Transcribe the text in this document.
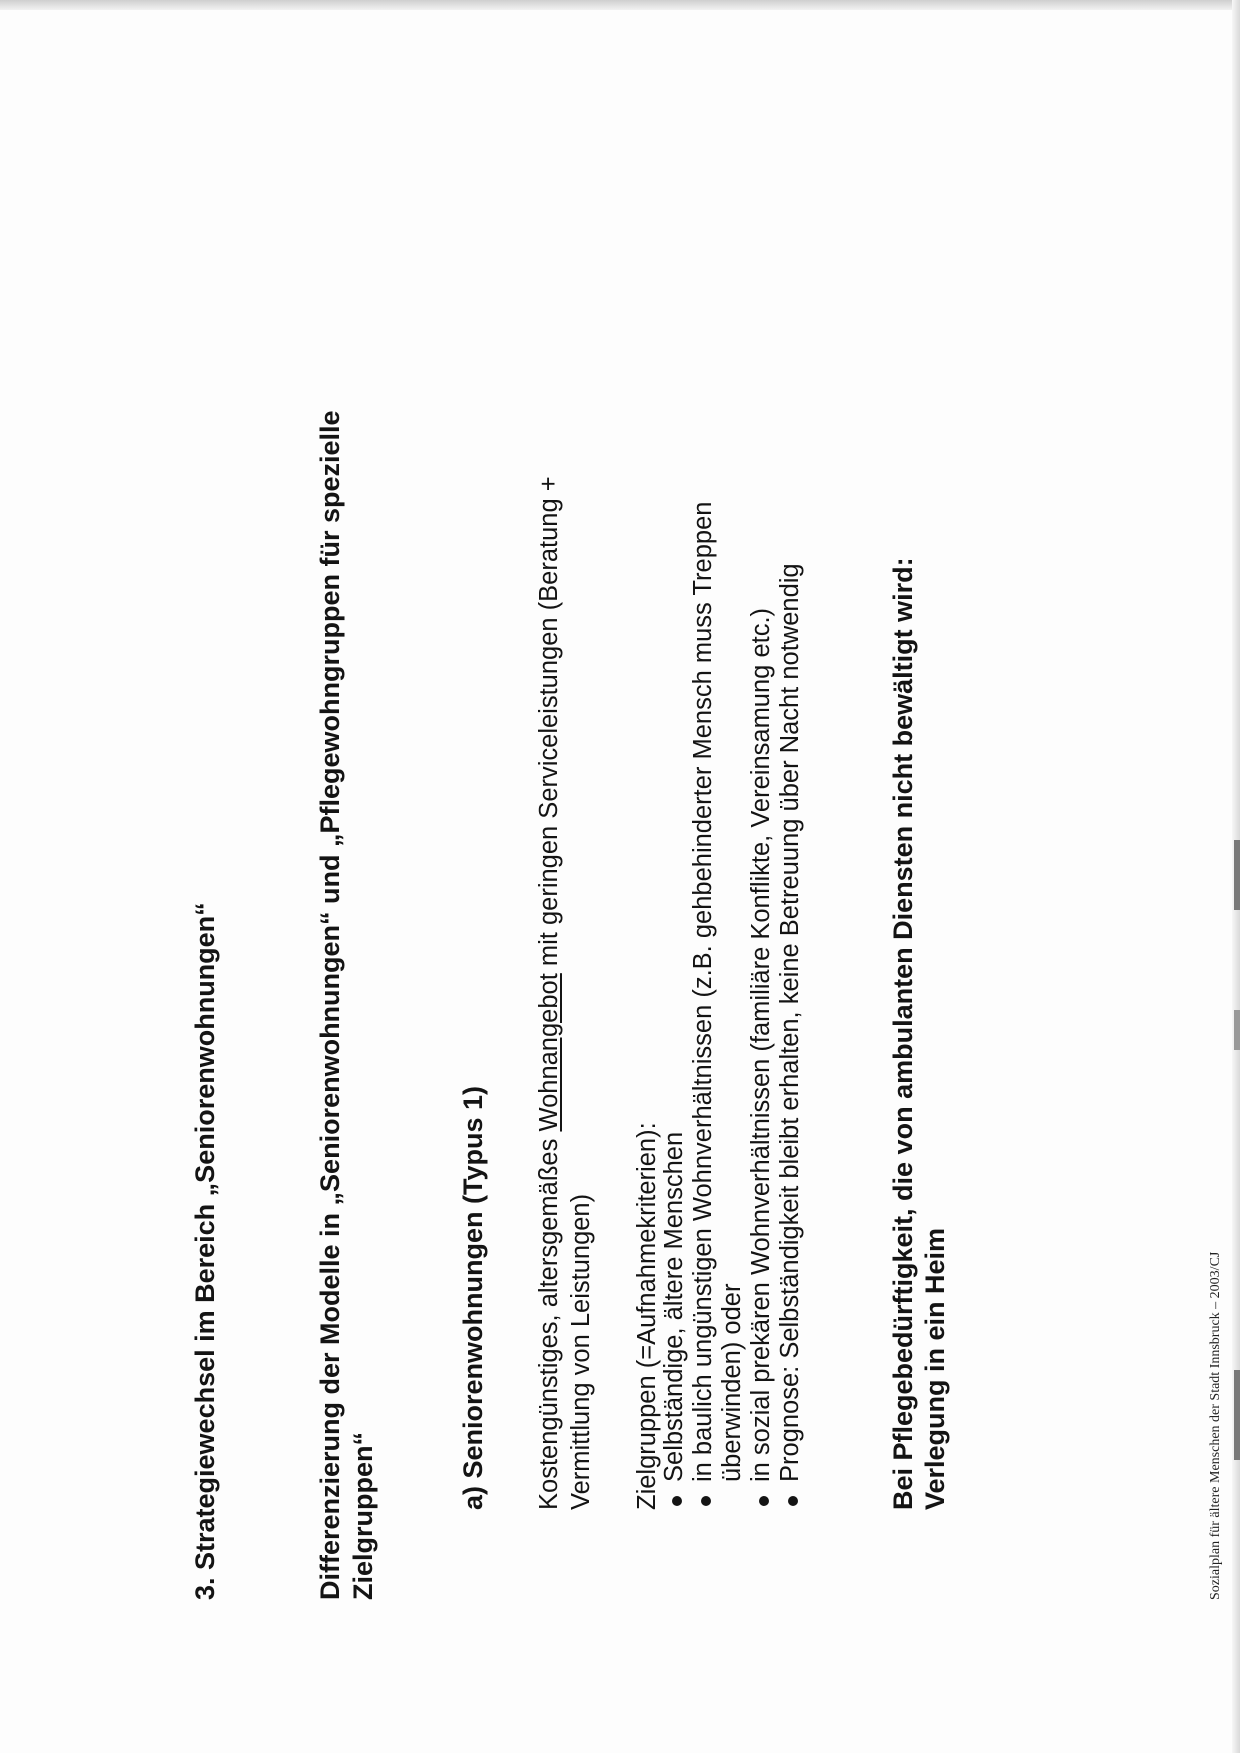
3. Strategiewechsel im Bereich „Seniorenwohnungen“	Differenzierung der Modelle in „Seniorenwohnungen“ und „Pflegewohngruppen für spezielle Zielgruppen“
a) Seniorenwohnungen (Typus 1) Kostengünstiges, altersgemäßes Wohnangebot mit geringen Serviceleistungen (Beratung +
Vermittlung von Leistungen) Zielgruppen (=Aufnahmekriterien): Selbständige, ältere Menschen in baulich ungünstigen Wohnverhältnissen (z.B. gehbehinderter Mensch muss Treppen überwinden) oder in sozial prekären Wohnverhältnissen (familiäre Konflikte, Vereinsamung etc.) Prognose: Selbständigkeit bleibt erhalten, keine Betreuung über Nacht notwendig	Bei Pflegebedürftigkeit, die von ambulanten Diensten nicht bewältigt wird: Verlegung in ein Heim	Sozialplan für ältere Menschen der Stadt Innsbruck – 2003/CJ
